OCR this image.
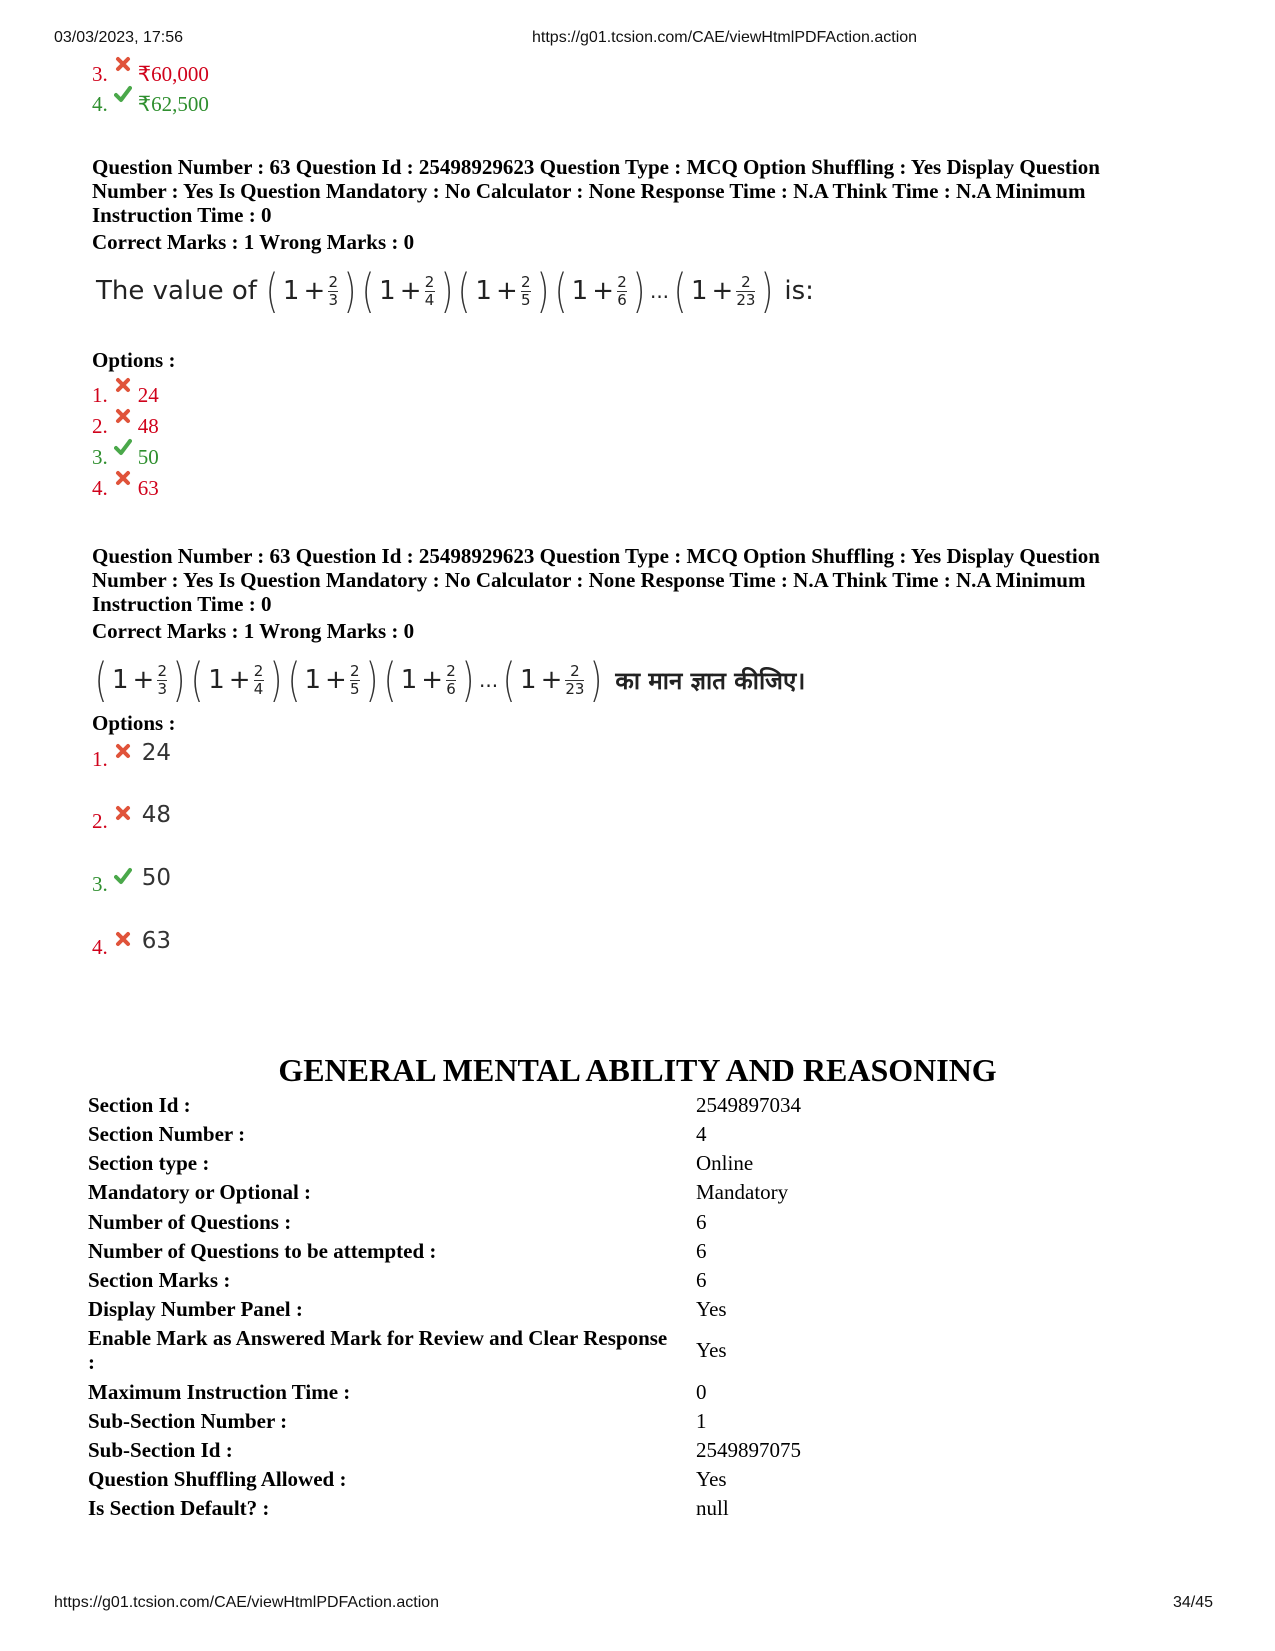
03/03/2023, 17:56	https://g01.tcsion.com/CAE/viewHtmlPDFAction.action
3. ₹60,000
4. ₹62,500
Question Number : 63 Question Id : 25498929623 Question Type : MCQ Option Shuffling : Yes Display Question Number : Yes Is Question Mandatory : No Calculator : None Response Time : N.A Think Time : N.A Minimum Instruction Time : 0
Correct Marks : 1 Wrong Marks : 0
The value of ( $1 + \frac{2}{3}$ ) ( $1 + \frac{2}{4}$ ) ( $1 + \frac{2}{5}$ ) ( $1 + \frac{2}{6}$ ) ... ( $1 + \frac{2}{23}$ ) is:
Options :
1. 24
2. 48
3. 50
4. 63
Question Number : 63 Question Id : 25498929623 Question Type : MCQ Option Shuffling : Yes Display Question Number : Yes Is Question Mandatory : No Calculator : None Response Time : N.A Think Time : N.A Minimum Instruction Time : 0
Correct Marks : 1 Wrong Marks : 0
( $1 + \frac{2}{3}$ ) ( $1 + \frac{2}{4}$ ) ( $1 + \frac{2}{5}$ ) ( $1 + \frac{2}{6}$ ) ... ( $1 + \frac{2}{23}$ ) का मान ज्ञात कीजिए।
Options :
1. 24
2. 48
3. 50
4. 63
GENERAL MENTAL ABILITY AND REASONING
Section Id :	2549897034
Section Number :	4
Section type :	Online
Mandatory or Optional :	Mandatory
Number of Questions :	6
Number of Questions to be attempted :	6
Section Marks :	6
Display Number Panel :	Yes
Enable Mark as Answered Mark for Review and Clear Response :	Yes
Maximum Instruction Time :	0
Sub-Section Number :	1
Sub-Section Id :	2549897075
Question Shuffling Allowed :	Yes
Is Section Default? :	null
https://g01.tcsion.com/CAE/viewHtmlPDFAction.action	34/45
